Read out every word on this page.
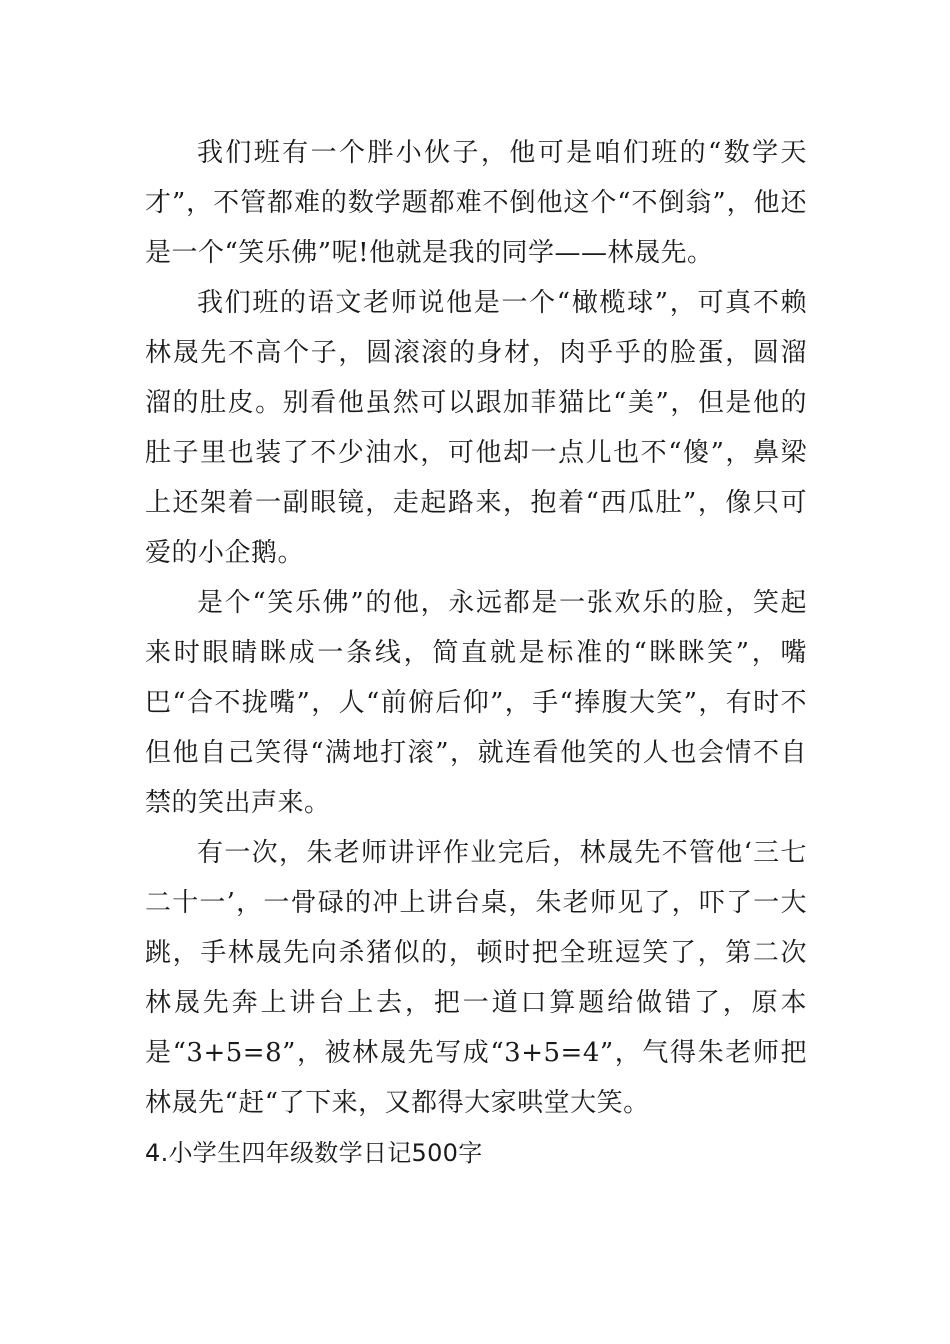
我们班有一个胖小伙子，他可是咱们班的“数学天才”，不管都难的数学题都难不倒他这个“不倒翁”，他还是一个“笑乐佛”呢!他就是我的同学——林晟先。

我们班的语文老师说他是一个“橄榄球”，可真不赖林晟先不高个子，圆滚滚的身材，肉乎乎的脸蛋，圆溜溜的肚皮。别看他虽然可以跟加菲猫比“美”，但是他的肚子里也装了不少油水，可他却一点儿也不“傻”，鼻梁上还架着一副眼镜，走起路来，抱着“西瓜肚”，像只可爱的小企鹅。

是个“笑乐佛”的他，永远都是一张欢乐的脸，笑起来时眼睛眯成一条线，简直就是标准的“眯眯笑”，嘴巴“合不拢嘴”，人“前俯后仰”，手“捧腹大笑”，有时不但他自己笑得“满地打滚”，就连看他笑的人也会情不自禁的笑出声来。

有一次，朱老师讲评作业完后，林晟先不管他‘三七二十一’，一骨碌的冲上讲台桌，朱老师见了，吓了一大跳，手林晟先向杀猪似的，顿时把全班逗笑了，第二次林晟先奔上讲台上去，把一道口算题给做错了，原本是“3+5=8”，被林晟先写成“3+5=4”，气得朱老师把林晟先“赶“了下来，又都得大家哄堂大笑。

4.小学生四年级数学日记500字
